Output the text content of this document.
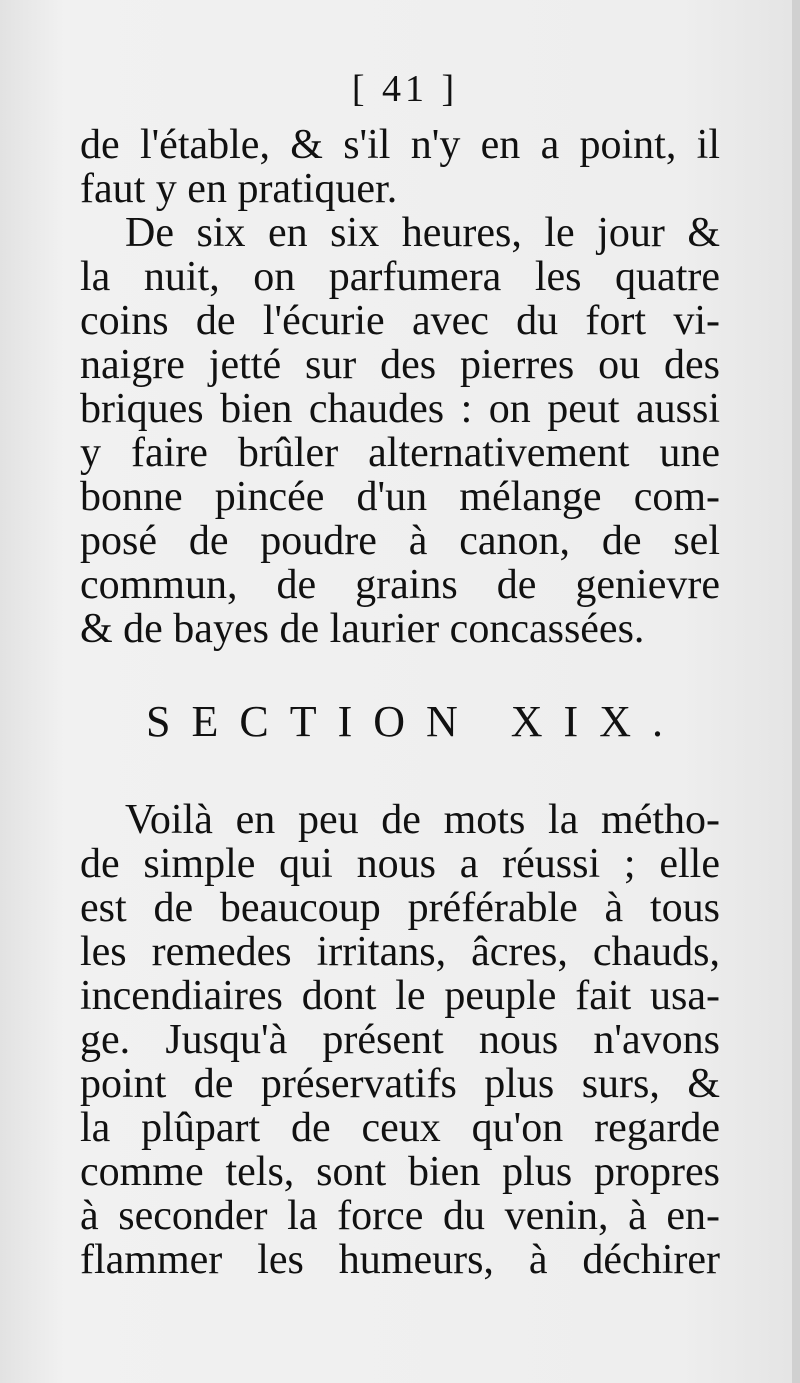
[ 41 ]
de l'étable, & s'il n'y en a point, il
faut y en pratiquer.
De six en six heures, le jour &
la nuit, on parfumera les quatre
coins de l'écurie avec du fort vi-
naigre jetté sur des pierres ou des
briques bien chaudes : on peut aussi
y faire brûler alternativement une
bonne pincée d'un mélange com-
posé de poudre à canon, de sel
commun, de grains de genievre
& de bayes de laurier concassées.
SECTION XIX.
Voilà en peu de mots la métho-
de simple qui nous a réussi ; elle
est de beaucoup préférable à tous
les remedes irritans, âcres, chauds,
incendiaires dont le peuple fait usa-
ge. Jusqu'à présent nous n'avons
point de préservatifs plus surs, &
la plûpart de ceux qu'on regarde
comme tels, sont bien plus propres
à seconder la force du venin, à en-
flammer les humeurs, à déchirer
